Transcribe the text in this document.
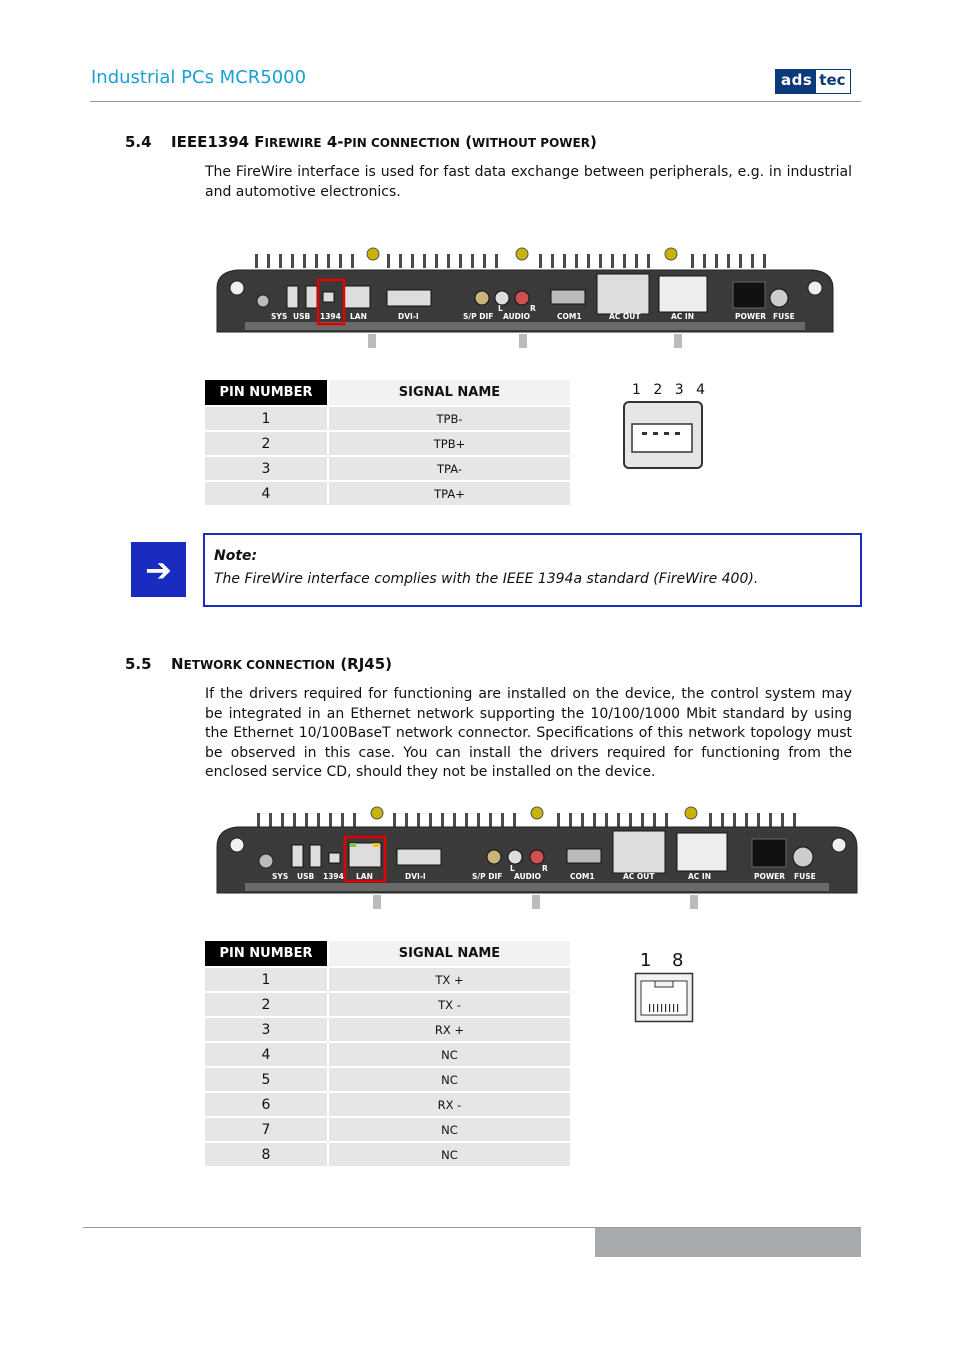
Industrial PCs MCR5000	ads tec
5.4 IEEE1394 FIREWIRE 4-PIN CONNECTION (WITHOUT POWER)
The FireWire interface is used for fast data exchange between peripherals, e.g. in industrial and automotive electronics.
SYS USB 1394 LAN	DVI-I	S/P DIF AUDIO
L	R
COM1	AC OUT	AC IN	POWER FUSE
PIN NUMBER	SIGNAL NAME
1	TPB-
2	TPB+
3	TPA-
4	TPA+
1 2 3 4
➔	Note:
The FireWire interface complies with the IEEE 1394a standard (FireWire 400).
5.5 NETWORK CONNECTION (RJ45)
If the drivers required for functioning are installed on the device, the control system may be integrated in an Ethernet network supporting the 10/100/1000 Mbit standard by using the Ethernet 10/100BaseT network connector. Specifications of this network topology must be observed in this case. You can install the drivers required for functioning from the enclosed service CD, should they not be installed on the device.
SYS USB 1394 LAN	DVI-I	S/P DIF AUDIO
L	R
COM1	AC OUT	AC IN	POWER FUSE
PIN NUMBER	SIGNAL NAME
1	TX +
2	TX -
3	RX +
4	NC
5	NC
6	RX -
7	NC
8	NC
1 8
